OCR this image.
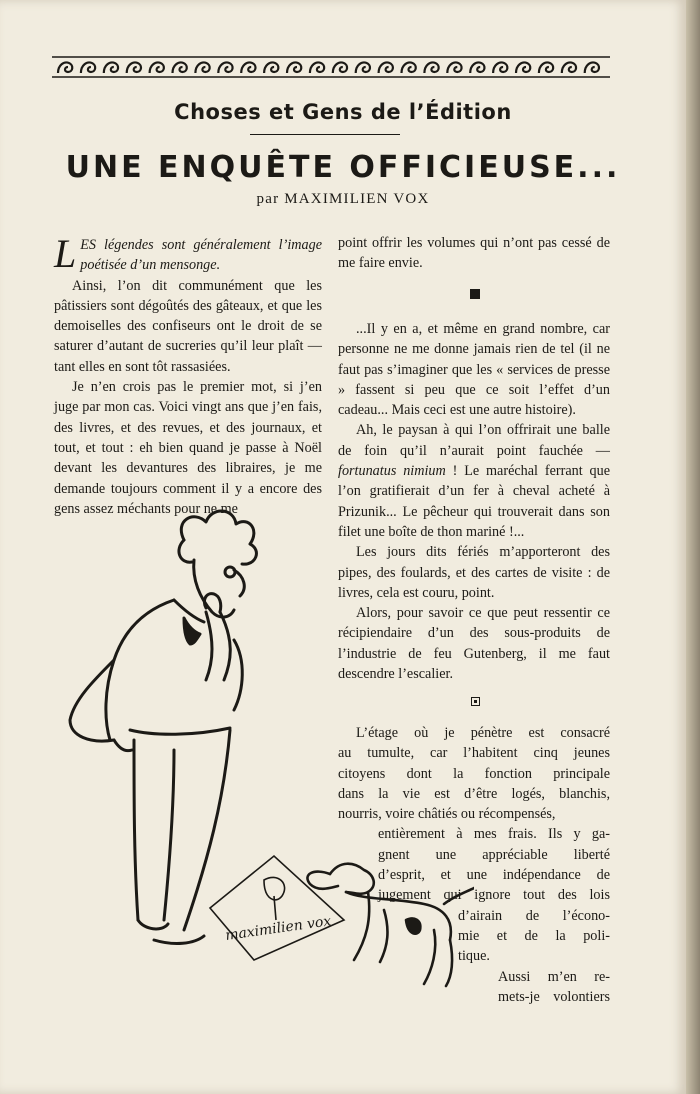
Choses et Gens de l’Édition
UNE ENQUÊTE OFFICIEUSE...
par MAXIMILIEN VOX

LES légendes sont généralement l’image poétisée d’un mensonge.

Ainsi, l’on dit communément que les pâtissiers sont dégoûtés des gâteaux, et que les demoiselles des confiseurs ont le droit de se saturer d’autant de sucreries qu’il leur plaît — tant elles en sont tôt rassasiées.

Je n’en crois pas le premier mot, si j’en juge par mon cas. Voici vingt ans que j’en fais, des livres, et des revues, et des journaux, et tout, et tout : eh bien quand je passe à Noël devant les devantures des libraires, je me demande toujours comment il y a encore des gens assez méchants pour ne me

point offrir les volumes qui n’ont pas cessé de me faire envie.

...Il y en a, et même en grand nombre, car personne ne me donne jamais rien de tel (il ne faut pas s’imaginer que les « services de presse » fassent si peu que ce soit l’effet d’un cadeau... Mais ceci est une autre histoire).

Ah, le paysan à qui l’on offrirait une balle de foin qu’il n’aurait point fauchée — fortunatus nimium ! Le maréchal ferrant que l’on gratifierait d’un fer à cheval acheté à Prizunik... Le pêcheur qui trouverait dans son filet une boîte de thon mariné !...

Les jours dits fériés m’apporteront des pipes, des foulards, et des cartes de visite : de livres, cela est couru, point.

Alors, pour savoir ce que peut ressentir ce récipiendaire d’un des sous-produits de l’industrie de feu Gutenberg, il me faut descendre l’escalier.

L’étage où je pénètre est consacré
au tumulte, car l’habitent cinq jeunes
citoyens dont la fonction principale
dans la vie est d’être logés, blanchis,
nourris, voire châtiés ou récompensés,
entièrement à mes frais. Ils y ga-
gnent une appréciable liberté
d’esprit, et une indépendance de
jugement qui ignore tout des lois
d’airain de l’écono-
mie et de la poli-
tique.
Aussi m’en re-
mets-je volontiers
maximilien vox
